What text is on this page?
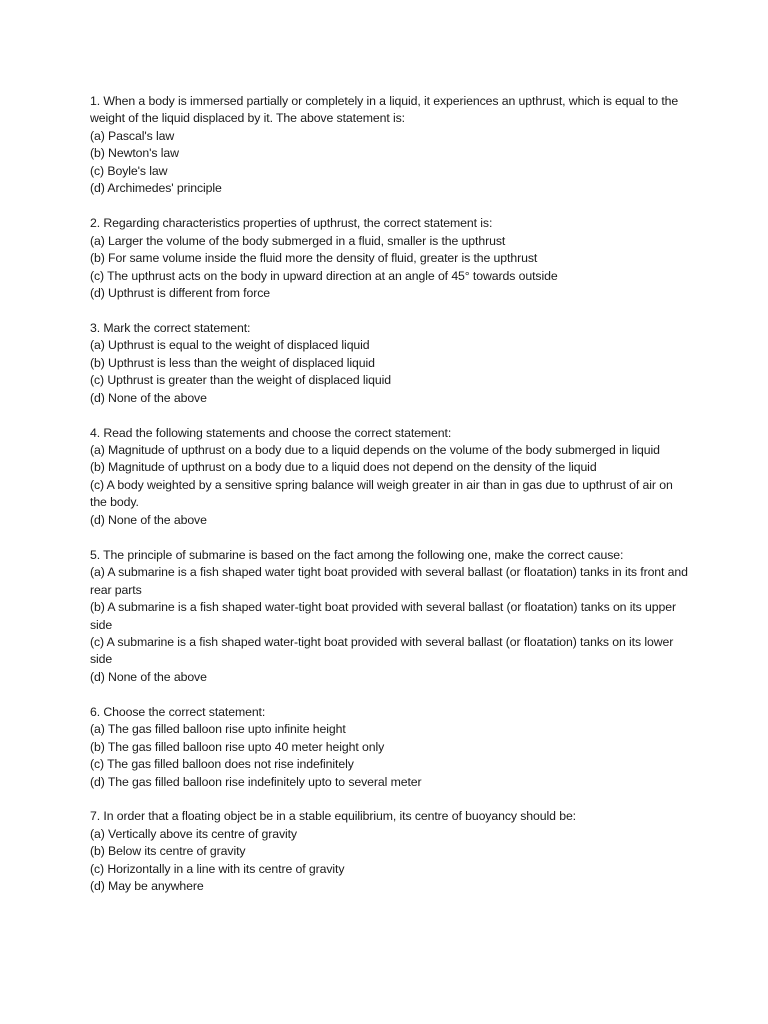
1. When a body is immersed partially or completely in a liquid, it experiences an upthrust, which is equal to the weight of the liquid displaced by it. The above statement is:
(a) Pascal's law
(b) Newton's law
(c) Boyle's law
(d) Archimedes' principle
2. Regarding characteristics properties of upthrust, the correct statement is:
(a) Larger the volume of the body submerged in a fluid, smaller is the upthrust
(b) For same volume inside the fluid more the density of fluid, greater is the upthrust
(c) The upthrust acts on the body in upward direction at an angle of 45° towards outside
(d) Upthrust is different from force
3. Mark the correct statement:
(a) Upthrust is equal to the weight of displaced liquid
(b) Upthrust is less than the weight of displaced liquid
(c) Upthrust is greater than the weight of displaced liquid
(d) None of the above
4. Read the following statements and choose the correct statement:
(a) Magnitude of upthrust on a body due to a liquid depends on the volume of the body submerged in liquid
(b) Magnitude of upthrust on a body due to a liquid does not depend on the density of the liquid
(c) A body weighted by a sensitive spring balance will weigh greater in air than in gas due to upthrust of air on the body.
(d) None of the above
5. The principle of submarine is based on the fact among the following one, make the correct cause:
(a) A submarine is a fish shaped water tight boat provided with several ballast (or floatation) tanks in its front and rear parts
(b) A submarine is a fish shaped water-tight boat provided with several ballast (or floatation) tanks on its upper side
(c) A submarine is a fish shaped water-tight boat provided with several ballast (or floatation) tanks on its lower side
(d) None of the above
6. Choose the correct statement:
(a) The gas filled balloon rise upto infinite height
(b) The gas filled balloon rise upto 40 meter height only
(c) The gas filled balloon does not rise indefinitely
(d) The gas filled balloon rise indefinitely upto to several meter
7. In order that a floating object be in a stable equilibrium, its centre of buoyancy should be:
(a) Vertically above its centre of gravity
(b) Below its centre of gravity
(c) Horizontally in a line with its centre of gravity
(d) May be anywhere
